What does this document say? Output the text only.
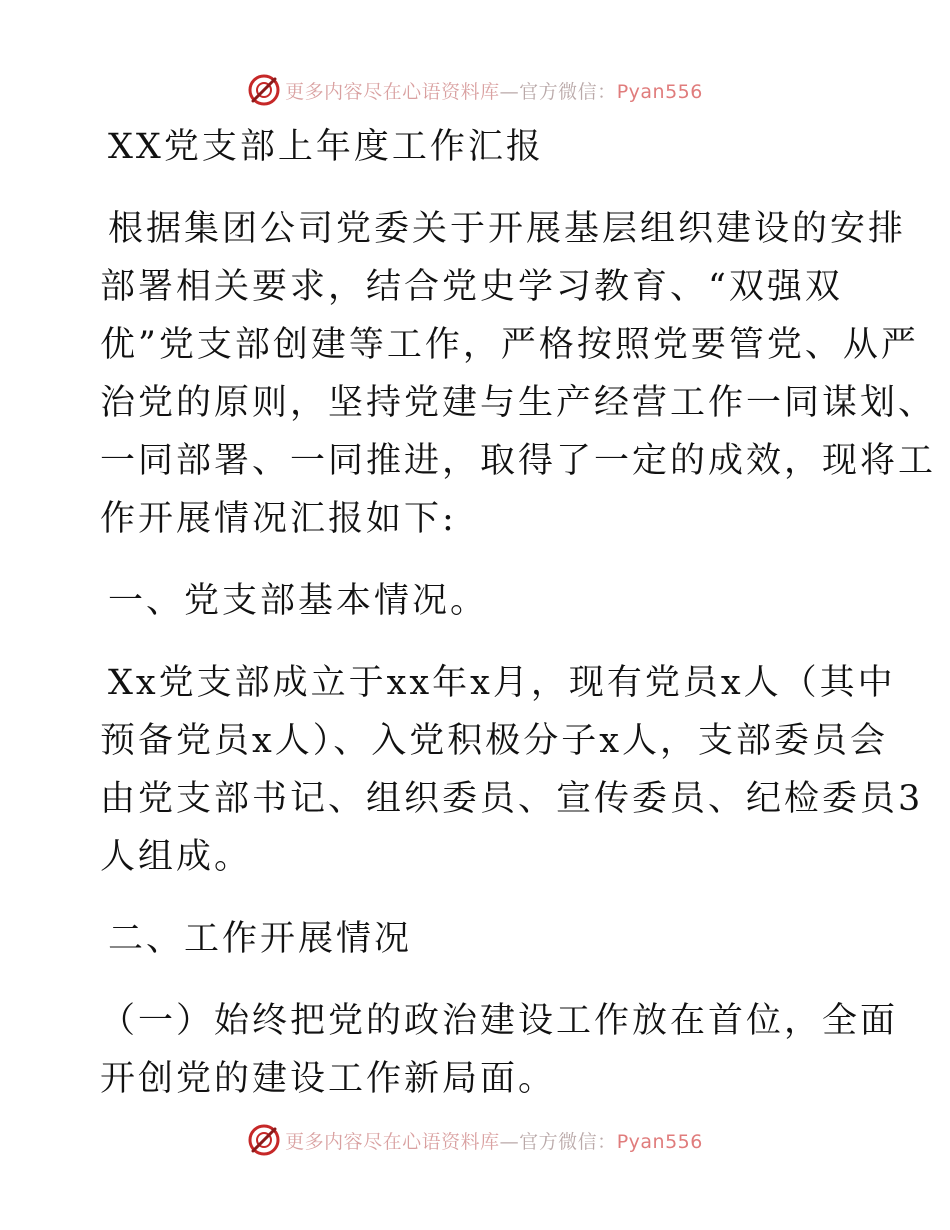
更多内容尽在心语资料库—官方微信：Pyan556

XX党支部上年度工作汇报

根据集团公司党委关于开展基层组织建设的安排

部署相关要求，结合党史学习教育、“双强双

优”党支部创建等工作，严格按照党要管党、从严

治党的原则，坚持党建与生产经营工作一同谋划、

一同部署、一同推进，取得了一定的成效，现将工

作开展情况汇报如下:

一、党支部基本情况。

Xx党支部成立于xx年x月，现有党员x人（其中

预备党员x人）、入党积极分子x人，支部委员会

由党支部书记、组织委员、宣传委员、纪检委员3

人组成。

二、工作开展情况

（一）始终把党的政治建设工作放在首位，全面

开创党的建设工作新局面。

更多内容尽在心语资料库—官方微信：Pyan556
